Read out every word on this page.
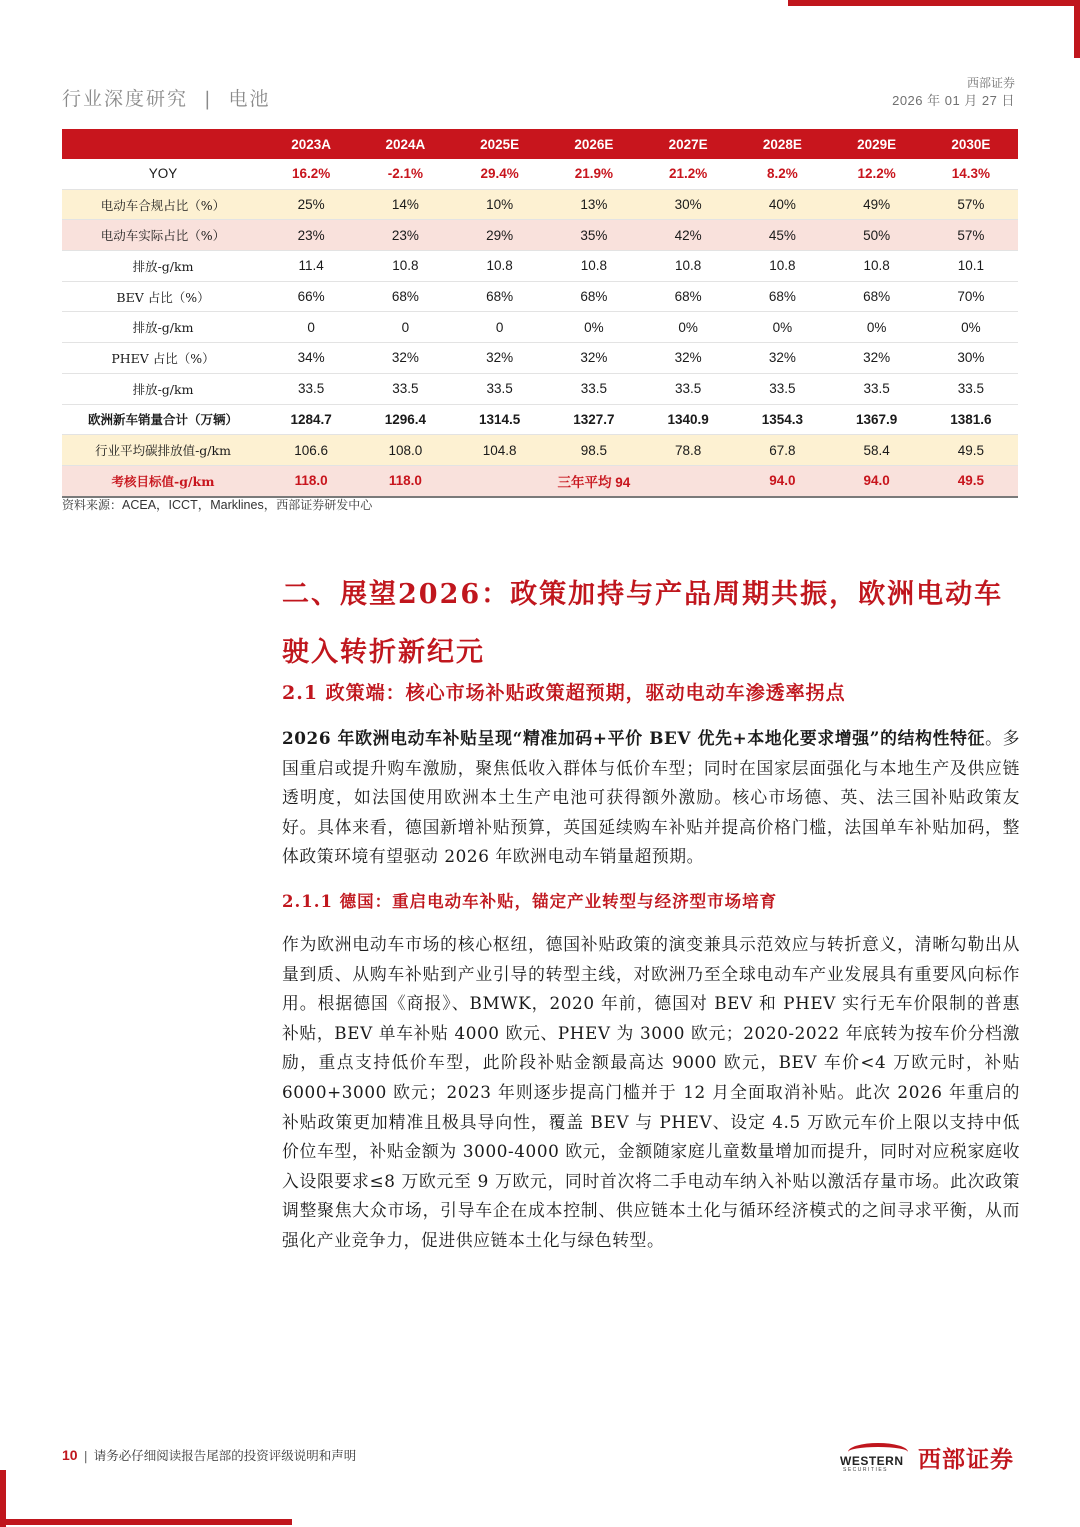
行业深度研究 | 电池
西部证券
2026 年 01 月 27 日
	2023A	2024A	2025E	2026E	2027E	2028E	2029E	2030E
YOY	16.2%	-2.1%	29.4%	21.9%	21.2%	8.2%	12.2%	14.3%
电动车合规占比（%）	25%	14%	10%	13%	30%	40%	49%	57%
电动车实际占比（%）	23%	23%	29%	35%	42%	45%	50%	57%
排放-g/km	11.4	10.8	10.8	10.8	10.8	10.8	10.8	10.1
BEV 占比（%）	66%	68%	68%	68%	68%	68%	68%	70%
排放-g/km	0	0	0	0%	0%	0%	0%	0%
PHEV 占比（%）	34%	32%	32%	32%	32%	32%	32%	30%
排放-g/km	33.5	33.5	33.5	33.5	33.5	33.5	33.5	33.5
欧洲新车销量合计（万辆）	1284.7	1296.4	1314.5	1327.7	1340.9	1354.3	1367.9	1381.6
行业平均碳排放值-g/km	106.6	108.0	104.8	98.5	78.8	67.8	58.4	49.5
考核目标值-g/km	118.0	118.0	三年平均 94			94.0	94.0	49.5
资料来源：ACEA，ICCT，Marklines，西部证券研发中心
二、展望2026：政策加持与产品周期共振，欧洲电动车驶入转折新纪元
2.1 政策端：核心市场补贴政策超预期，驱动电动车渗透率拐点
2026 年欧洲电动车补贴呈现“精准加码+平价 BEV 优先+本地化要求增强”的结构性特征。多国重启或提升购车激励，聚焦低收入群体与低价车型；同时在国家层面强化与本地生产及供应链透明度，如法国使用欧洲本土生产电池可获得额外激励。核心市场德、英、法三国补贴政策友好。具体来看，德国新增补贴预算，英国延续购车补贴并提高价格门槛，法国单车补贴加码，整体政策环境有望驱动 2026 年欧洲电动车销量超预期。
2.1.1 德国：重启电动车补贴，锚定产业转型与经济型市场培育
作为欧洲电动车市场的核心枢纽，德国补贴政策的演变兼具示范效应与转折意义，清晰勾勒出从量到质、从购车补贴到产业引导的转型主线，对欧洲乃至全球电动车产业发展具有重要风向标作用。根据德国《商报》、BMWK，2020 年前，德国对 BEV 和 PHEV 实行无车价限制的普惠补贴，BEV 单车补贴 4000 欧元、PHEV 为 3000 欧元；2020-2022 年底转为按车价分档激励，重点支持低价车型，此阶段补贴金额最高达 9000 欧元，BEV 车价<4 万欧元时，补贴 6000+3000 欧元；2023 年则逐步提高门槛并于 12 月全面取消补贴。此次 2026 年重启的补贴政策更加精准且极具导向性，覆盖 BEV 与 PHEV、设定 4.5 万欧元车价上限以支持中低价位车型，补贴金额为 3000-4000 欧元，金额随家庭儿童数量增加而提升，同时对应税家庭收入设限要求≤8 万欧元至 9 万欧元，同时首次将二手电动车纳入补贴以激活存量市场。此次政策调整聚焦大众市场，引导车企在成本控制、供应链本土化与循环经济模式的之间寻求平衡，从而强化产业竞争力，促进供应链本土化与绿色转型。
10 | 请务必仔细阅读报告尾部的投资评级说明和声明	WESTERN
SECURITIES 西部证券
